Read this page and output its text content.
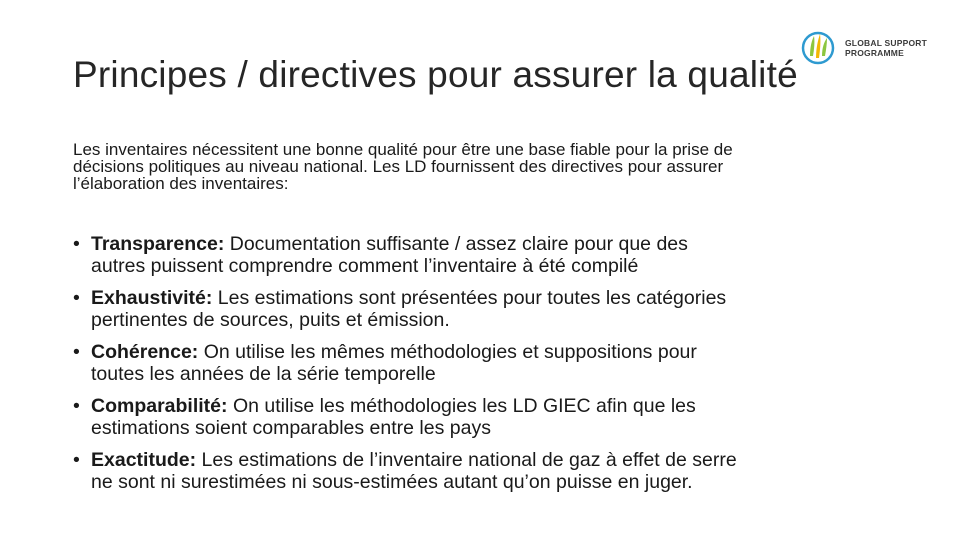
GLOBAL SUPPORT
PROGRAMME
Principes / directives pour assurer la qualité
Les inventaires nécessitent une bonne qualité pour être une base fiable pour la prise de
décisions politiques au niveau national. Les LD fournissent des directives pour assurer
l’élaboration des inventaires:
• Transparence: Documentation suffisante / assez claire pour que des
autres puissent comprendre comment l’inventaire à été compilé
• Exhaustivité: Les estimations sont présentées pour toutes les catégories
pertinentes de sources, puits et émission.
• Cohérence: On utilise les mêmes méthodologies et suppositions pour
toutes les années de la série temporelle
• Comparabilité: On utilise les méthodologies les LD GIEC afin que les
estimations soient comparables entre les pays
• Exactitude: Les estimations de l’inventaire national de gaz à effet de serre
ne sont ni surestimées ni sous-estimées autant qu’on puisse en juger.
